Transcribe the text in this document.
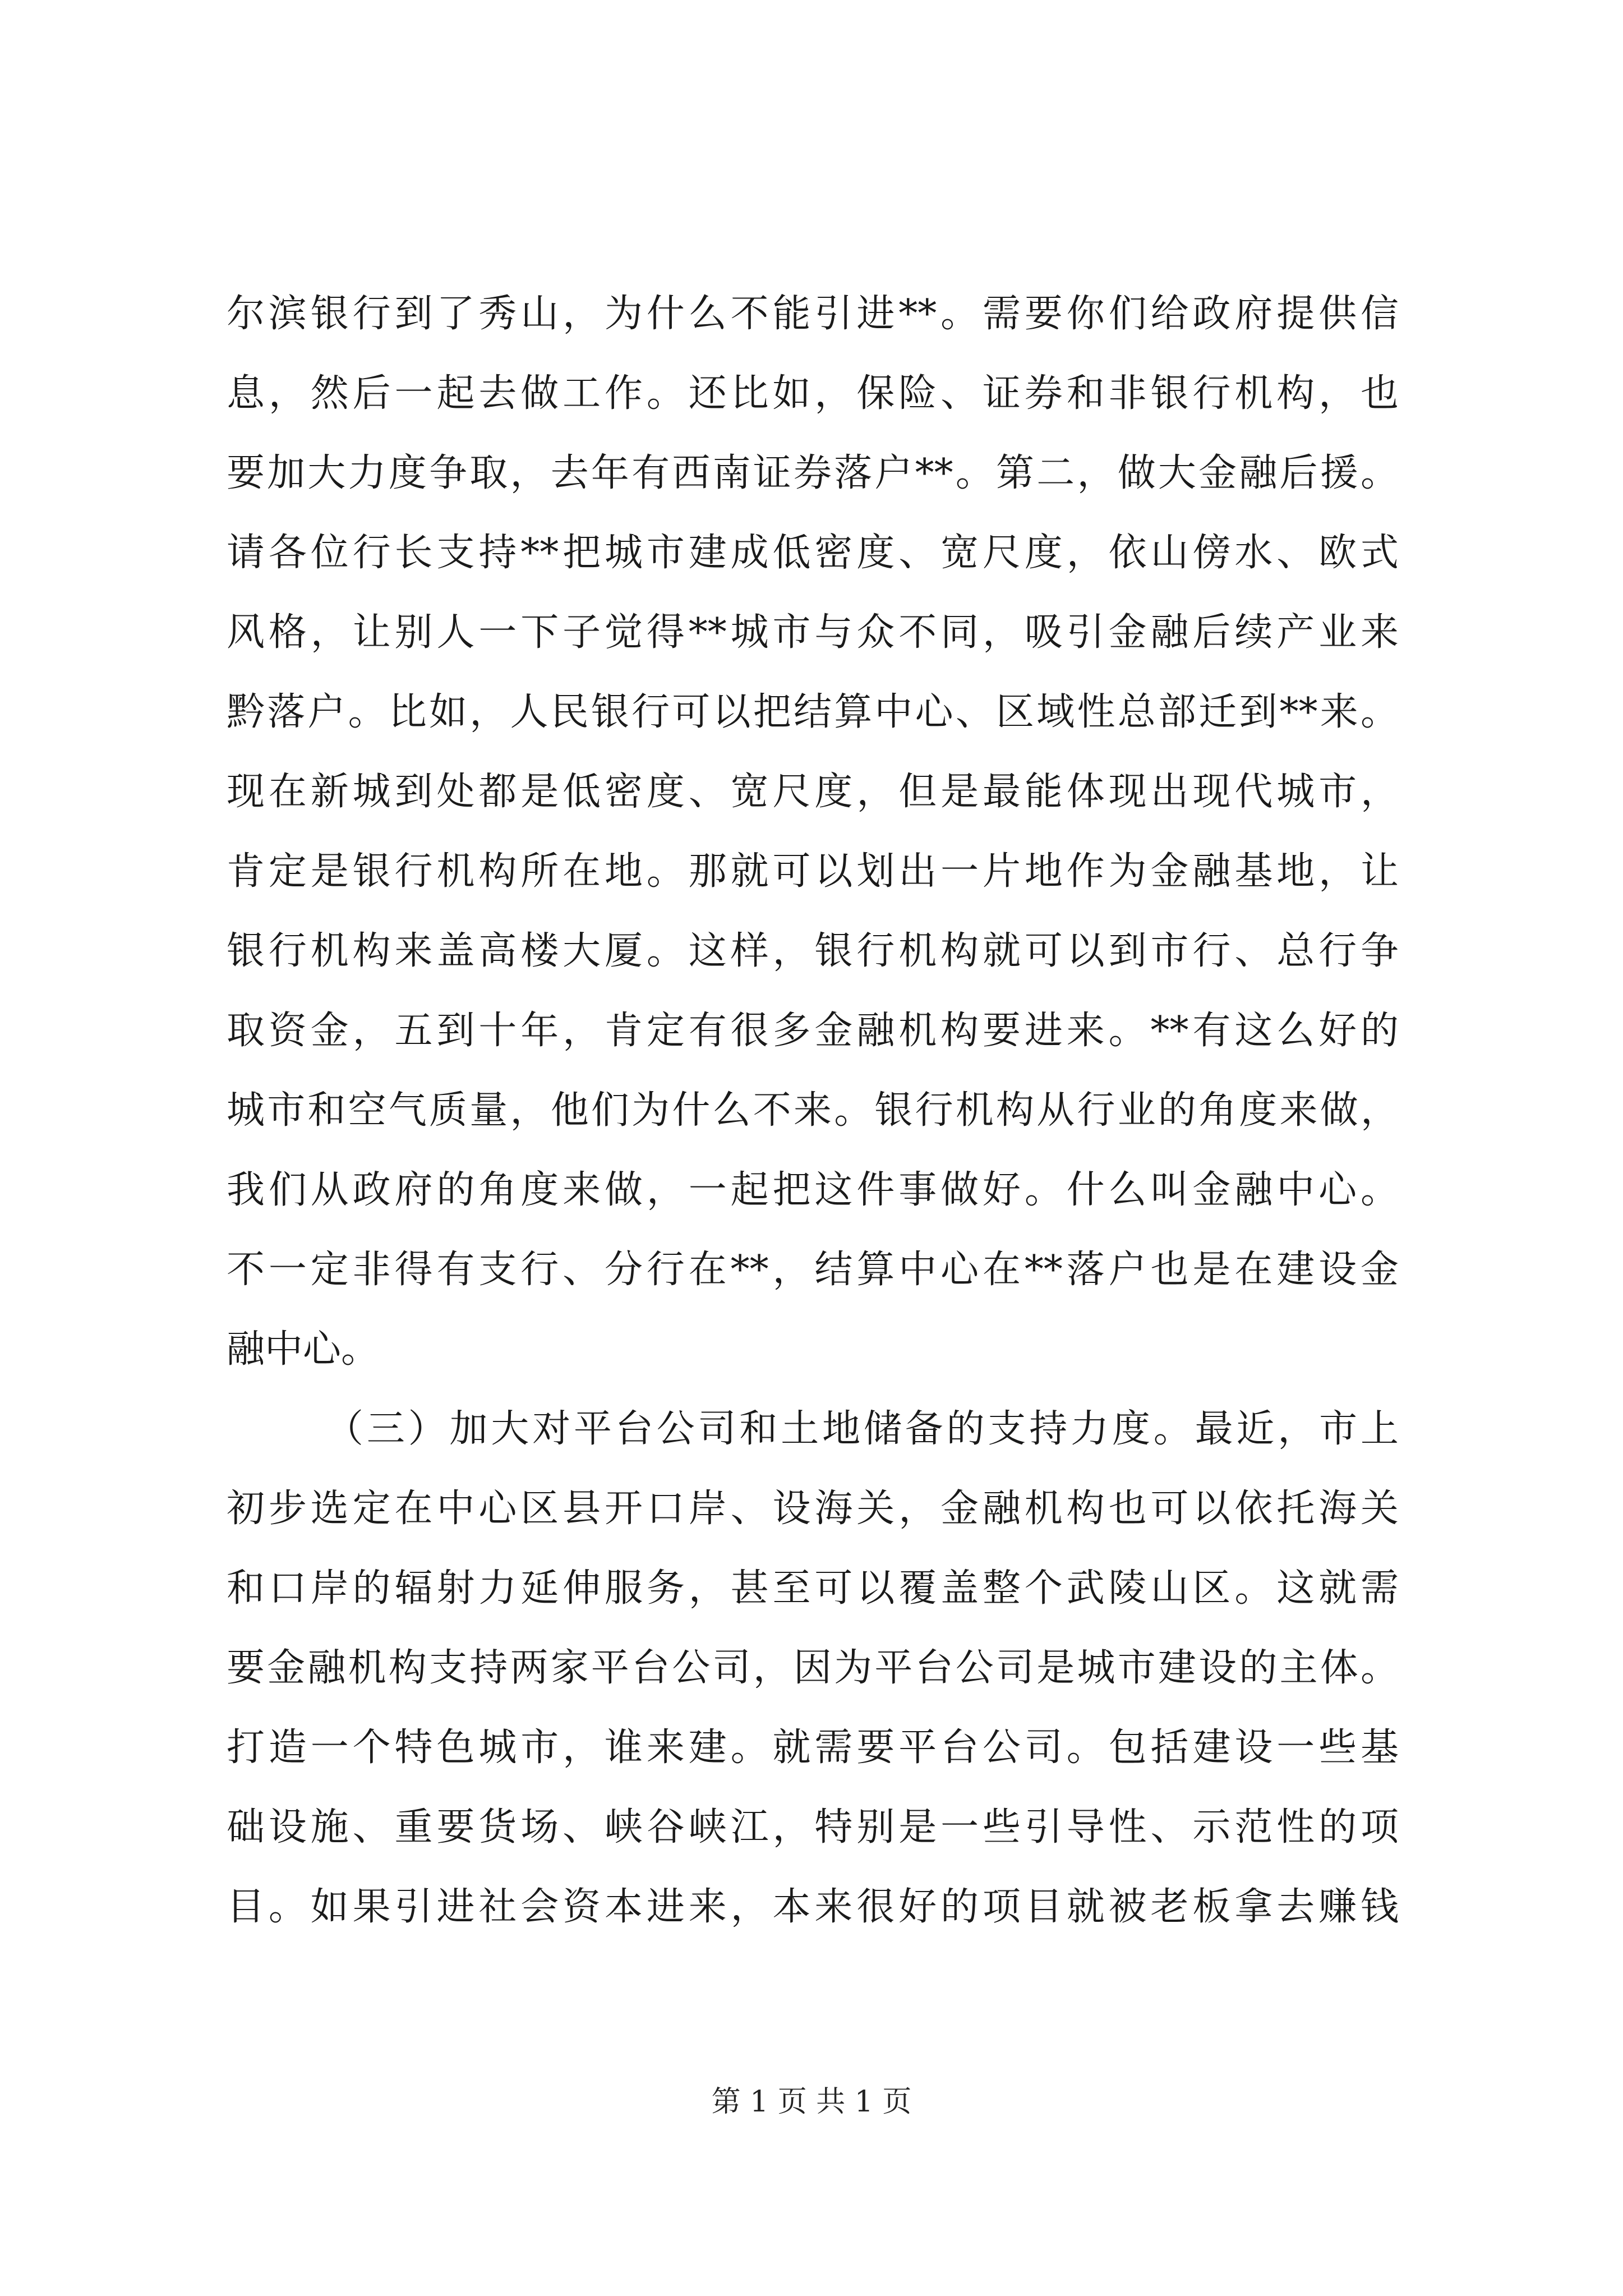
尔滨银行到了秀山，为什么不能引进**。需要你们给政府提供信
息，然后一起去做工作。还比如，保险、证券和非银行机构，也
要加大力度争取，去年有西南证券落户**。第二，做大金融后援。
请各位行长支持**把城市建成低密度、宽尺度，依山傍水、欧式
风格，让别人一下子觉得**城市与众不同，吸引金融后续产业来
黔落户。比如，人民银行可以把结算中心、区域性总部迁到**来。
现在新城到处都是低密度、宽尺度，但是最能体现出现代城市，
肯定是银行机构所在地。那就可以划出一片地作为金融基地，让
银行机构来盖高楼大厦。这样，银行机构就可以到市行、总行争
取资金，五到十年，肯定有很多金融机构要进来。**有这么好的
城市和空气质量，他们为什么不来。银行机构从行业的角度来做，
我们从政府的角度来做，一起把这件事做好。什么叫金融中心。
不一定非得有支行、分行在**，结算中心在**落户也是在建设金
融中心。
（三）加大对平台公司和土地储备的支持力度。最近，市上
初步选定在中心区县开口岸、设海关，金融机构也可以依托海关
和口岸的辐射力延伸服务，甚至可以覆盖整个武陵山区。这就需
要金融机构支持两家平台公司，因为平台公司是城市建设的主体。
打造一个特色城市，谁来建。就需要平台公司。包括建设一些基
础设施、重要货场、峡谷峡江，特别是一些引导性、示范性的项
目。如果引进社会资本进来，本来很好的项目就被老板拿去赚钱
第 1 页 共 1 页
